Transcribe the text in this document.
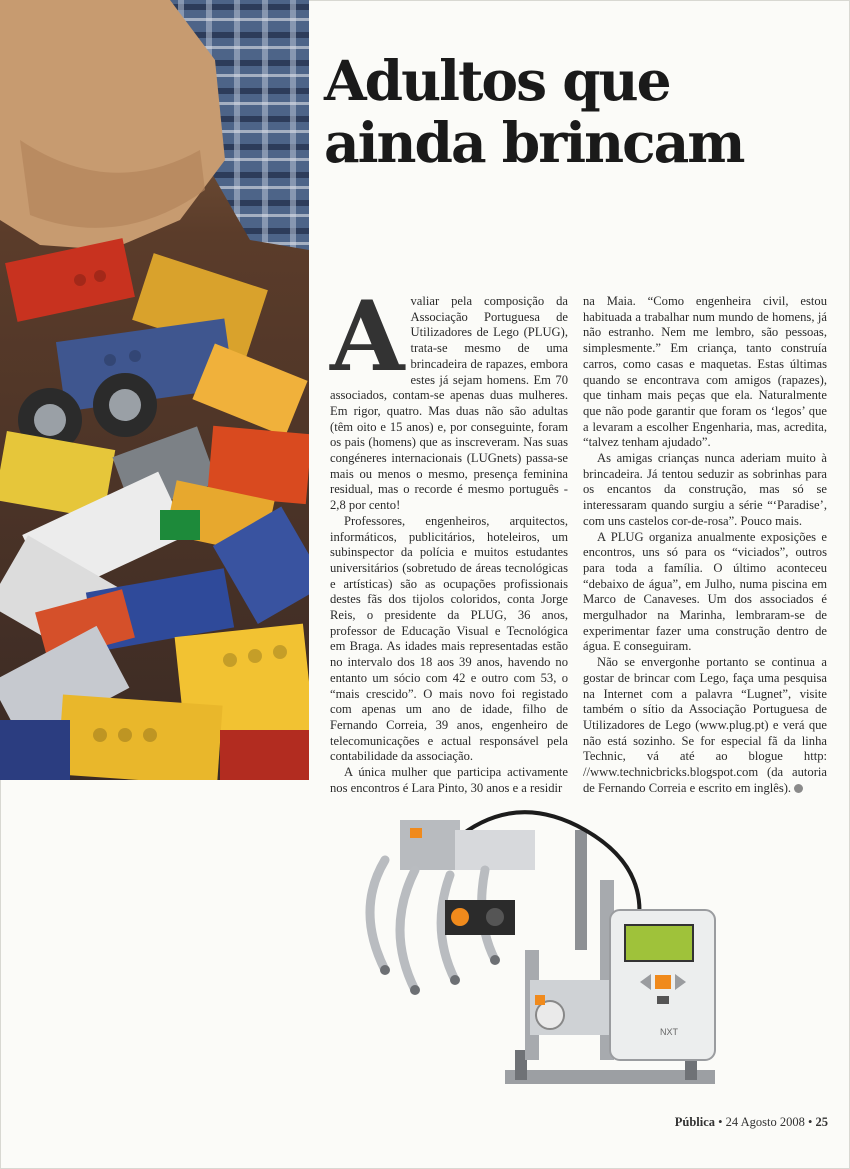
Adultos que ainda brincam
A valiar pela composição da Associação Portuguesa de Utilizadores de Lego (PLUG), trata-se mesmo de uma brincadeira de rapazes, embora estes já sejam homens. Em 70 associados, contam-se apenas duas mulheres. Em rigor, quatro. Mas duas não são adultas (têm oito e 15 anos) e, por conseguinte, foram os pais (homens) que as inscreveram. Nas suas congéneres internacionais (LUGnets) passa-se mais ou menos o mesmo, presença feminina residual, mas o recorde é mesmo português - 2,8 por cento!

Professores, engenheiros, arquitectos, informáticos, publicitários, hoteleiros, um subinspector da polícia e muitos estudantes universitários (sobretudo de áreas tecnológicas e artísticas) são as ocupações profissionais destes fãs dos tijolos coloridos, conta Jorge Reis, o presidente da PLUG, 36 anos, professor de Educação Visual e Tecnológica em Braga. As idades mais representadas estão no intervalo dos 18 aos 39 anos, havendo no entanto um sócio com 42 e outro com 53, o “mais crescido”. O mais novo foi registado com apenas um ano de idade, filho de Fernando Correia, 39 anos, engenheiro de telecomunicações e actual responsável pela contabilidade da associação.

A única mulher que participa activamente nos encontros é Lara Pinto, 30 anos e a residir

na Maia. “Como engenheira civil, estou habituada a trabalhar num mundo de homens, já não estranho. Nem me lembro, são pessoas, simplesmente.” Em criança, tanto construía carros, como casas e maquetas. Estas últimas quando se encontrava com amigos (rapazes), que tinham mais peças que ela. Naturalmente que não pode garantir que foram os ‘legos’ que a levaram a escolher Engenharia, mas, acredita, “talvez tenham ajudado”.

As amigas crianças nunca aderiam muito à brincadeira. Já tentou seduzir as sobrinhas para os encantos da construção, mas só se interessaram quando surgiu a série “‘Paradise’, com uns castelos cor-de-rosa”. Pouco mais.

A PLUG organiza anualmente exposições e encontros, uns só para os “viciados”, outros para toda a família. O último aconteceu “debaixo de água”, em Julho, numa piscina em Marco de Canaveses. Um dos associados é mergulhador na Marinha, lembraram-se de experimentar fazer uma construção dentro de água. E conseguiram.

Não se envergonhe portanto se continua a gostar de brincar com Lego, faça uma pesquisa na Internet com a palavra “Lugnet”, visite também o sítio da Associação Portuguesa de Utilizadores de Lego (www.plug.pt) e verá que não está sozinho. Se for especial fã da linha Technic, vá até ao blogue http: //www.technicbricks.blogspot.com (da autoria de Fernando Correia e escrito em inglês).

NXT
Pública • 24 Agosto 2008 • 25
